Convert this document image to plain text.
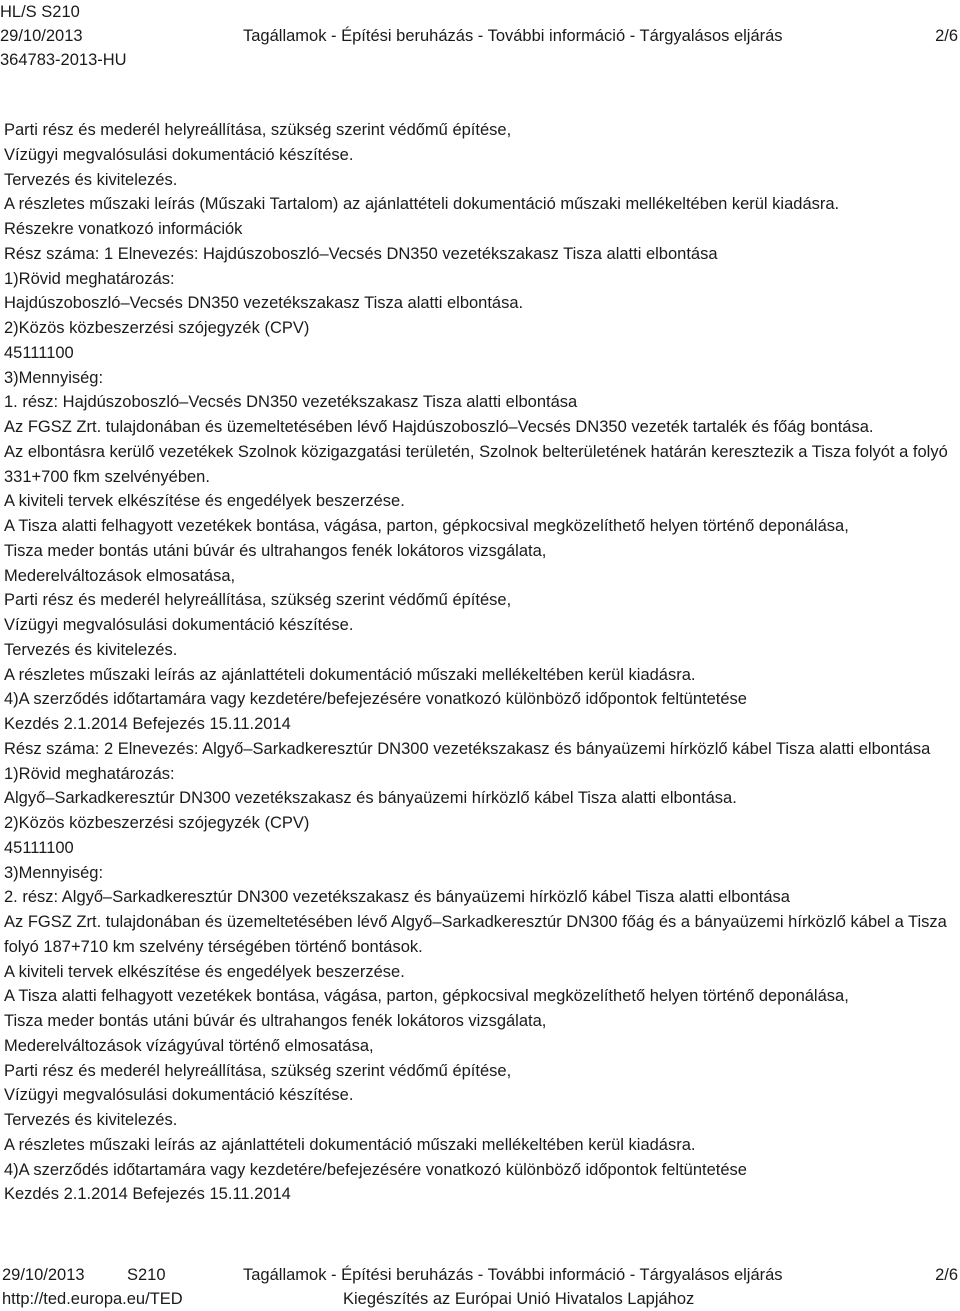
HL/S S210
29/10/2013	Tagállamok - Építési beruházás - További információ - Tárgyalásos eljárás	2/6
364783-2013-HU

Parti rész és mederél helyreállítása, szükség szerint védőmű építése,

Vízügyi megvalósulási dokumentáció készítése.

Tervezés és kivitelezés.

A részletes műszaki leírás (Műszaki Tartalom) az ajánlattételi dokumentáció műszaki mellékeltében kerül kiadásra.

Részekre vonatkozó információk

Rész száma: 1 Elnevezés: Hajdúszoboszló–Vecsés DN350 vezetékszakasz Tisza alatti elbontása

1)Rövid meghatározás:

Hajdúszoboszló–Vecsés DN350 vezetékszakasz Tisza alatti elbontása.

2)Közös közbeszerzési szójegyzék (CPV)

45111100

3)Mennyiség:

1. rész: Hajdúszoboszló–Vecsés DN350 vezetékszakasz Tisza alatti elbontása

Az FGSZ Zrt. tulajdonában és üzemeltetésében lévő Hajdúszoboszló–Vecsés DN350 vezeték tartalék és főág bontása.

Az elbontásra kerülő vezetékek Szolnok közigazgatási területén, Szolnok belterületének határán keresztezik a Tisza folyót a folyó 331+700 fkm szelvényében.

A kiviteli tervek elkészítése és engedélyek beszerzése.

A Tisza alatti felhagyott vezetékek bontása, vágása, parton, gépkocsival megközelíthető helyen történő deponálása,

Tisza meder bontás utáni búvár és ultrahangos fenék lokátoros vizsgálata,

Mederelváltozások elmosatása,

Parti rész és mederél helyreállítása, szükség szerint védőmű építése,

Vízügyi megvalósulási dokumentáció készítése.

Tervezés és kivitelezés.

A részletes műszaki leírás az ajánlattételi dokumentáció műszaki mellékeltében kerül kiadásra.

4)A szerződés időtartamára vagy kezdetére/befejezésére vonatkozó különböző időpontok feltüntetése

Kezdés 2.1.2014 Befejezés 15.11.2014

Rész száma: 2 Elnevezés: Algyő–Sarkadkeresztúr DN300 vezetékszakasz és bányaüzemi hírközlő kábel Tisza alatti elbontása

1)Rövid meghatározás:

Algyő–Sarkadkeresztúr DN300 vezetékszakasz és bányaüzemi hírközlő kábel Tisza alatti elbontása.

2)Közös közbeszerzési szójegyzék (CPV)

45111100

3)Mennyiség:

2. rész: Algyő–Sarkadkeresztúr DN300 vezetékszakasz és bányaüzemi hírközlő kábel Tisza alatti elbontása

Az FGSZ Zrt. tulajdonában és üzemeltetésében lévő Algyő–Sarkadkeresztúr DN300 főág és a bányaüzemi hírközlő kábel a Tisza folyó 187+710 km szelvény térségében történő bontások.

A kiviteli tervek elkészítése és engedélyek beszerzése.

A Tisza alatti felhagyott vezetékek bontása, vágása, parton, gépkocsival megközelíthető helyen történő deponálása,

Tisza meder bontás utáni búvár és ultrahangos fenék lokátoros vizsgálata,

Mederelváltozások vízágyúval történő elmosatása,

Parti rész és mederél helyreállítása, szükség szerint védőmű építése,

Vízügyi megvalósulási dokumentáció készítése.

Tervezés és kivitelezés.

A részletes műszaki leírás az ajánlattételi dokumentáció műszaki mellékeltében kerül kiadásra.

4)A szerződés időtartamára vagy kezdetére/befejezésére vonatkozó különböző időpontok feltüntetése

Kezdés 2.1.2014 Befejezés 15.11.2014

29/10/2013	S210	Tagállamok - Építési beruházás - További információ - Tárgyalásos eljárás	2/6
http://ted.europa.eu/TED	Kiegészítés az Európai Unió Hivatalos Lapjához
